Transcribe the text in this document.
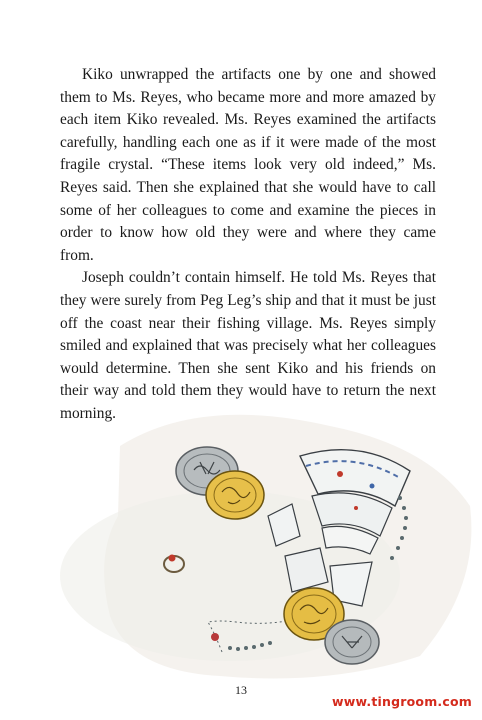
Kiko unwrapped the artifacts one by one and showed them to Ms. Reyes, who became more and more amazed by each item Kiko revealed. Ms. Reyes examined the artifacts carefully, handling each one as if it were made of the most fragile crystal. “These items look very old indeed,” Ms. Reyes said. Then she explained that she would have to call some of her colleagues to come and examine the pieces in order to know how old they were and where they came from.

Joseph couldn’t contain himself. He told Ms. Reyes that they were surely from Peg Leg’s ship and that it must be just off the coast near their fishing village. Ms. Reyes simply smiled and explained that was precisely what her colleagues would determine. Then she sent Kiko and his friends on their way and told them they would have to return the next morning.

13
www.tingroom.com
